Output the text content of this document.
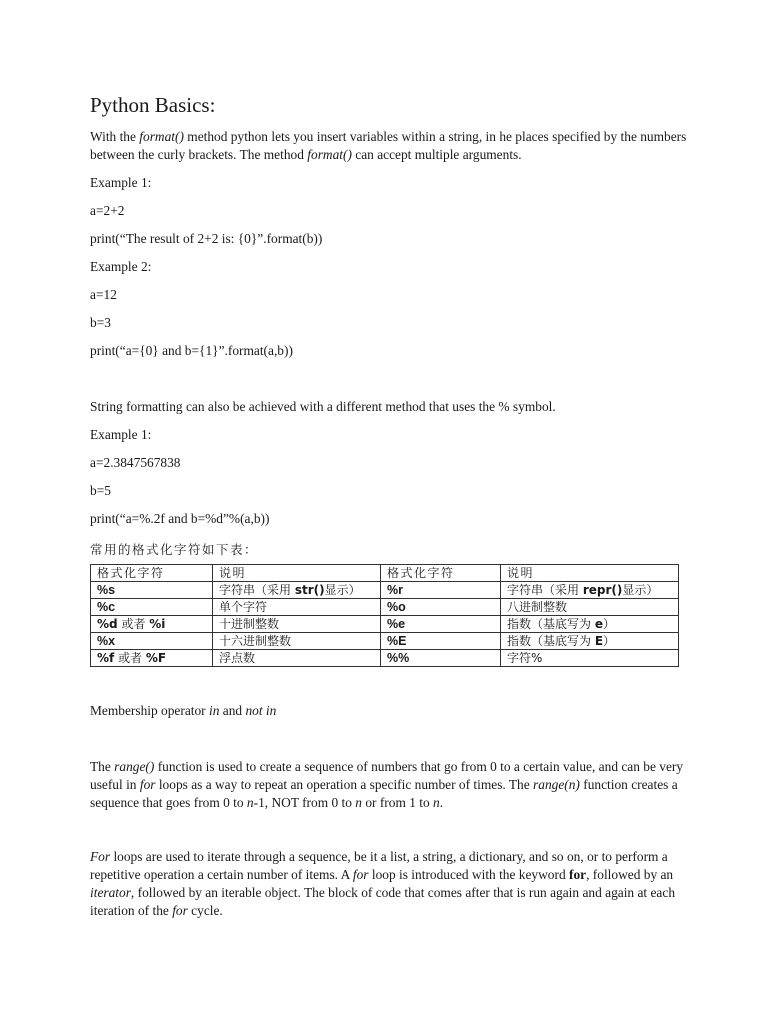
Python Basics:

With the format() method python lets you insert variables within a string, in he places specified by the numbers between the curly brackets. The method format() can accept multiple arguments.

Example 1:

a=2+2

print(“The result of 2+2 is: {0}”.format(b))

Example 2:

a=12

b=3

print(“a={0} and b={1}”.format(a,b))

String formatting can also be achieved with a different method that uses the % symbol.

Example 1:

a=2.3847567838

b=5

print(“a=%.2f and b=%d”%(a,b))

常用的格式化字符如下表：
格式化字符	说明	格式化字符	说明
%s	字符串（采用 str()显示）	%r	字符串（采用 repr()显示）
%c	单个字符	%o	八进制整数
%d 或者 %i	十进制整数	%e	指数（基底写为 e）
%x	十六进制整数	%E	指数（基底写为 E）
%f 或者 %F	浮点数	%%	字符%

Membership operator in and not in

The range() function is used to create a sequence of numbers that go from 0 to a certain value, and can be very useful in for loops as a way to repeat an operation a specific number of times. The range(n) function creates a sequence that goes from 0 to n-1, NOT from 0 to n or from 1 to n.

For loops are used to iterate through a sequence, be it a list, a string, a dictionary, and so on, or to perform a repetitive operation a certain number of items. A for loop is introduced with the keyword for, followed by an iterator, followed by an iterable object. The block of code that comes after that is run again and again at each iteration of the for cycle.
